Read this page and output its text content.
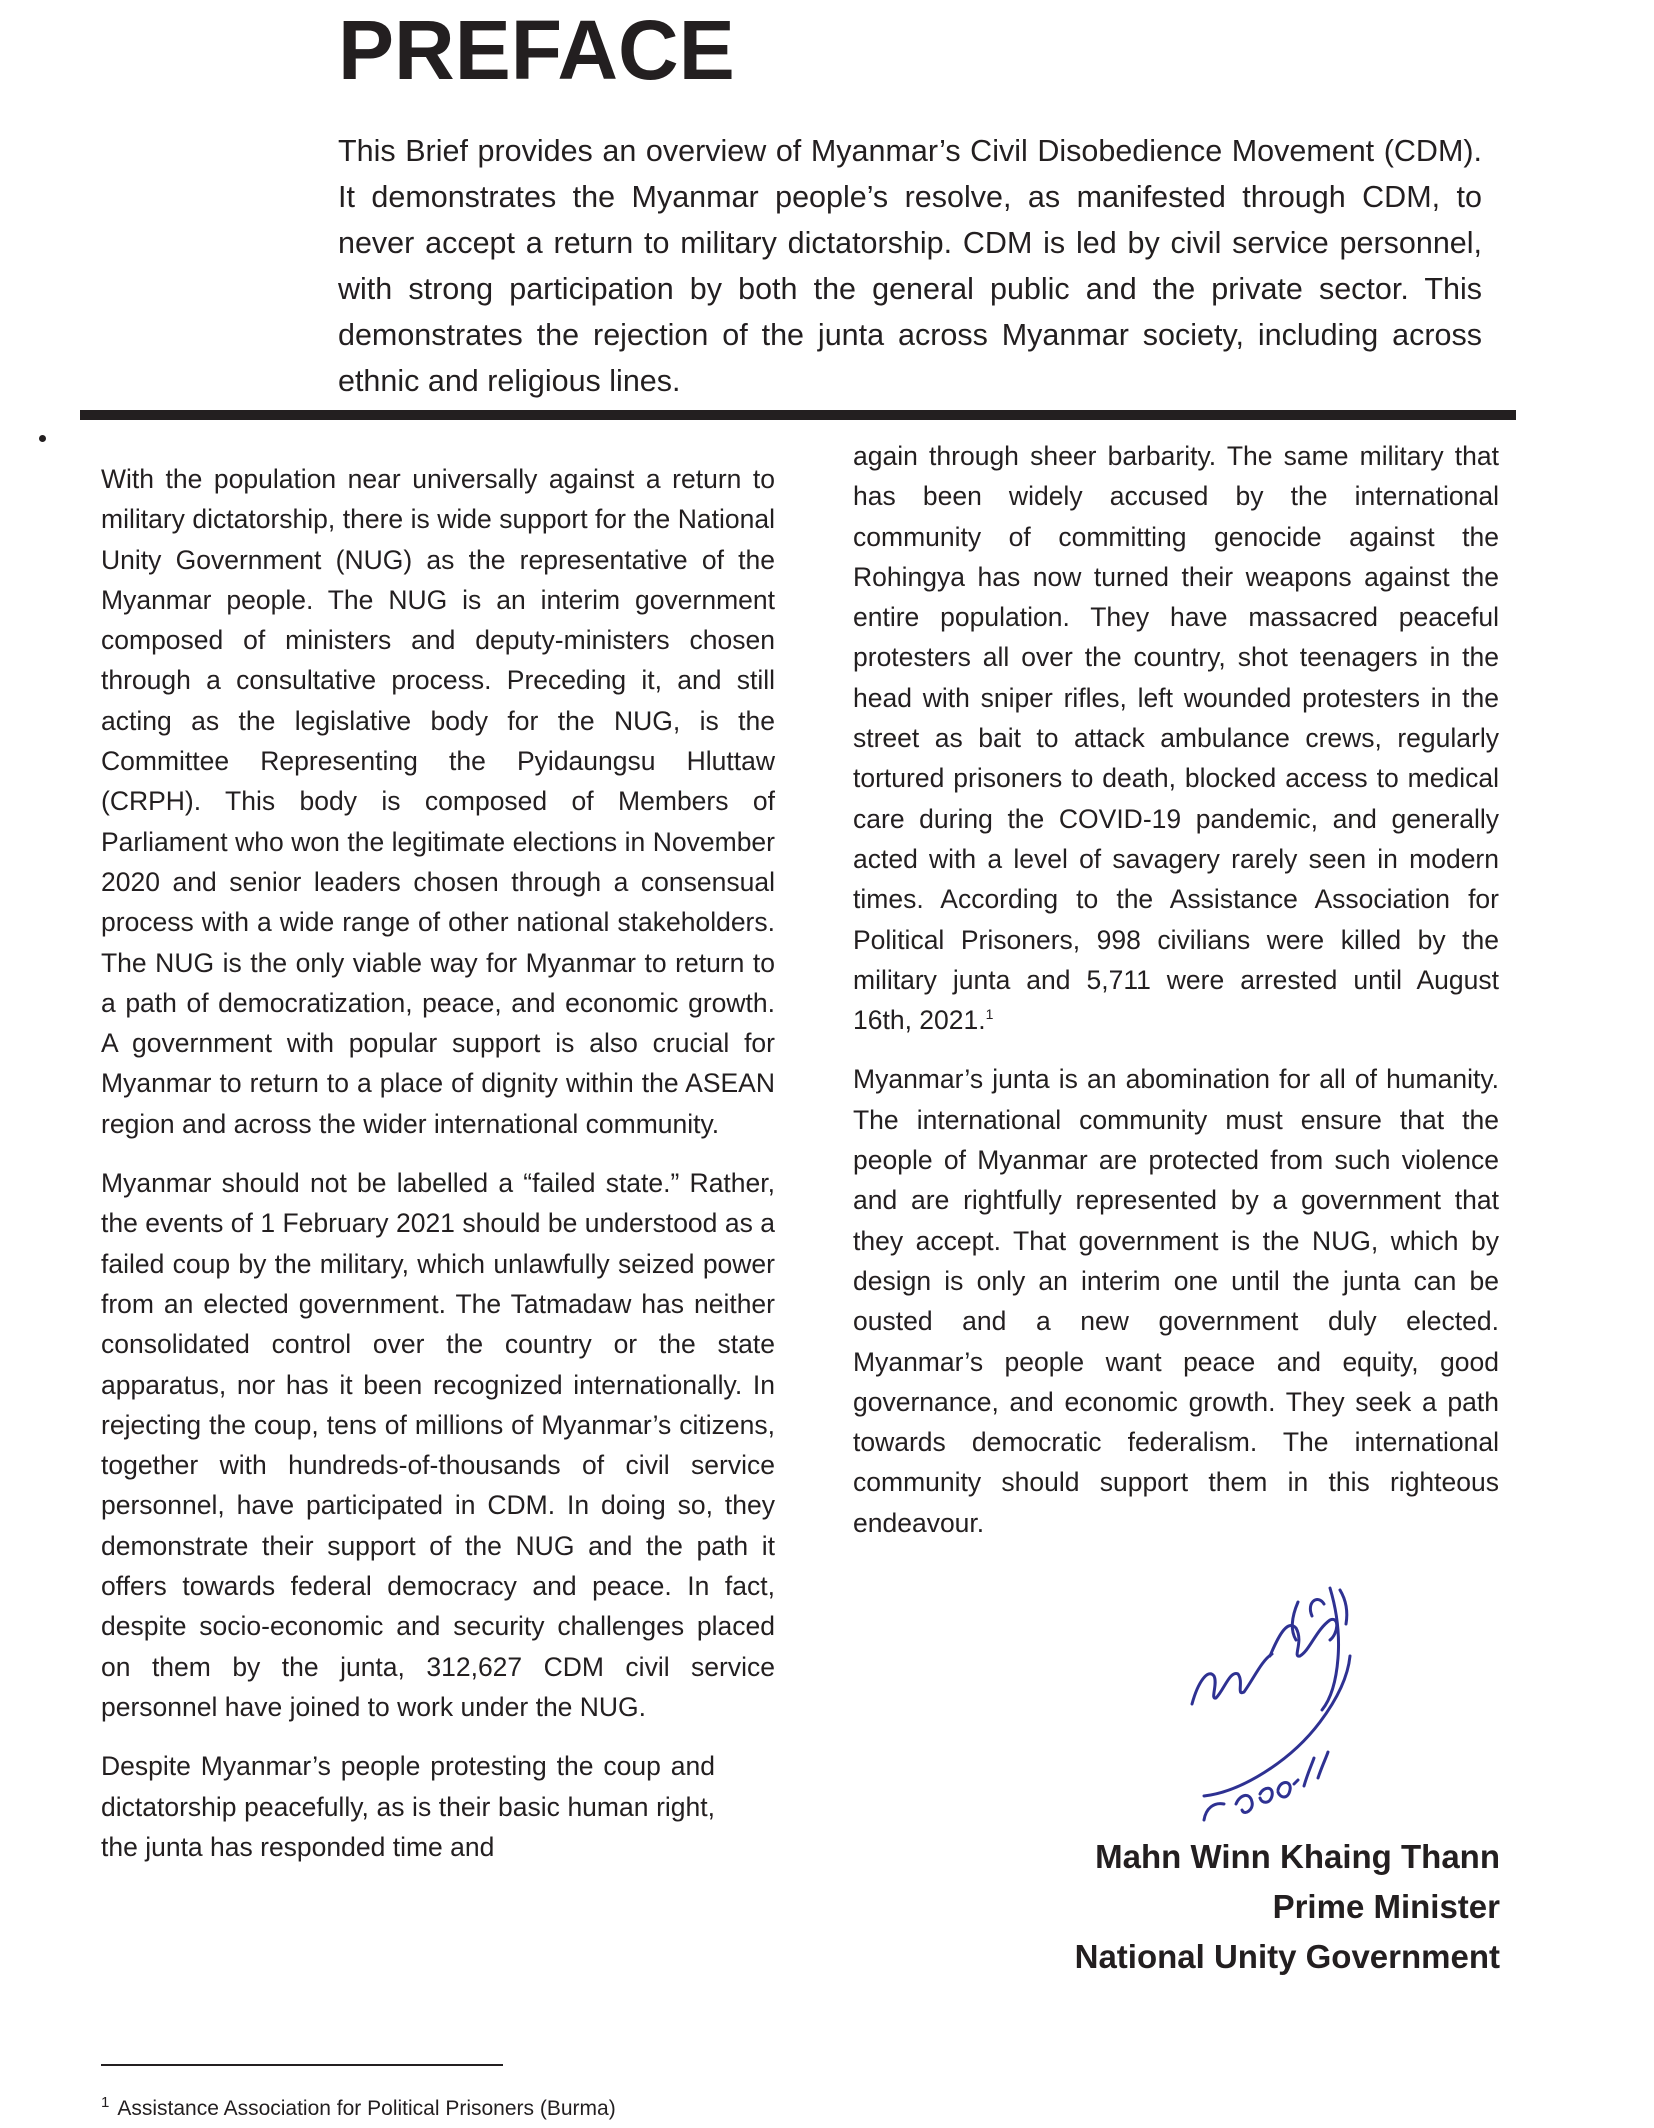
PREFACE

This Brief provides an overview of Myanmar’s Civil Disobedience Movement (CDM). It demonstrates the Myanmar people’s resolve, as manifested through CDM, to never accept a return to military dictatorship. CDM is led by civil service personnel, with strong participation by both the general public and the private sector. This demonstrates the rejection of the junta across Myanmar society, including across ethnic and religious lines.

With the population near universally against a return to military dictatorship, there is wide support for the National Unity Government (NUG) as the representative of the Myanmar people. The NUG is an interim government composed of ministers and deputy-ministers chosen through a consultative process. Preceding it, and still acting as the legislative body for the NUG, is the Committee Representing the Pyidaungsu Hluttaw (CRPH). This body is composed of Members of Parliament who won the legitimate elections in November 2020 and senior leaders chosen through a consensual process with a wide range of other national stakeholders. The NUG is the only viable way for Myanmar to return to a path of democratization, peace, and economic growth. A government with popular support is also crucial for Myanmar to return to a place of dignity within the ASEAN region and across the wider international community.

Myanmar should not be labelled a “failed state.” Rather, the events of 1 February 2021 should be understood as a failed coup by the military, which unlawfully seized power from an elected government. The Tatmadaw has neither consolidated control over the country or the state apparatus, nor has it been recognized internationally. In rejecting the coup, tens of millions of Myanmar’s citizens, together with hundreds-of-thousands of civil service personnel, have participated in CDM. In doing so, they demonstrate their support of the NUG and the path it offers towards federal democracy and peace. In fact, despite socio-economic and security challenges placed on them by the junta, 312,627 CDM civil service personnel have joined to work under the NUG.

Despite Myanmar’s people protesting the coup and dictatorship peacefully, as is their basic human right, the junta has responded time and

again through sheer barbarity. The same military that has been widely accused by the international community of committing genocide against the Rohingya has now turned their weapons against the entire population. They have massacred peaceful protesters all over the country, shot teenagers in the head with sniper rifles, left wounded protesters in the street as bait to attack ambulance crews, regularly tortured prisoners to death, blocked access to medical care during the COVID-19 pandemic, and generally acted with a level of savagery rarely seen in modern times. According to the Assistance Association for Political Prisoners, 998 civilians were killed by the military junta and 5,711 were arrested until August 16th, 2021.$^1$

Myanmar’s junta is an abomination for all of humanity. The international community must ensure that the people of Myanmar are protected from such violence and are rightfully represented by a government that they accept. That government is the NUG, which by design is only an interim one until the junta can be ousted and a new government duly elected. Myanmar’s people want peace and equity, good governance, and economic growth. They seek a path towards democratic federalism. The international community should support them in this righteous endeavour.

Mahn Winn Khaing Thann
Prime Minister
National Unity Government
$^1$ Assistance Association for Political Prisoners (Burma)
